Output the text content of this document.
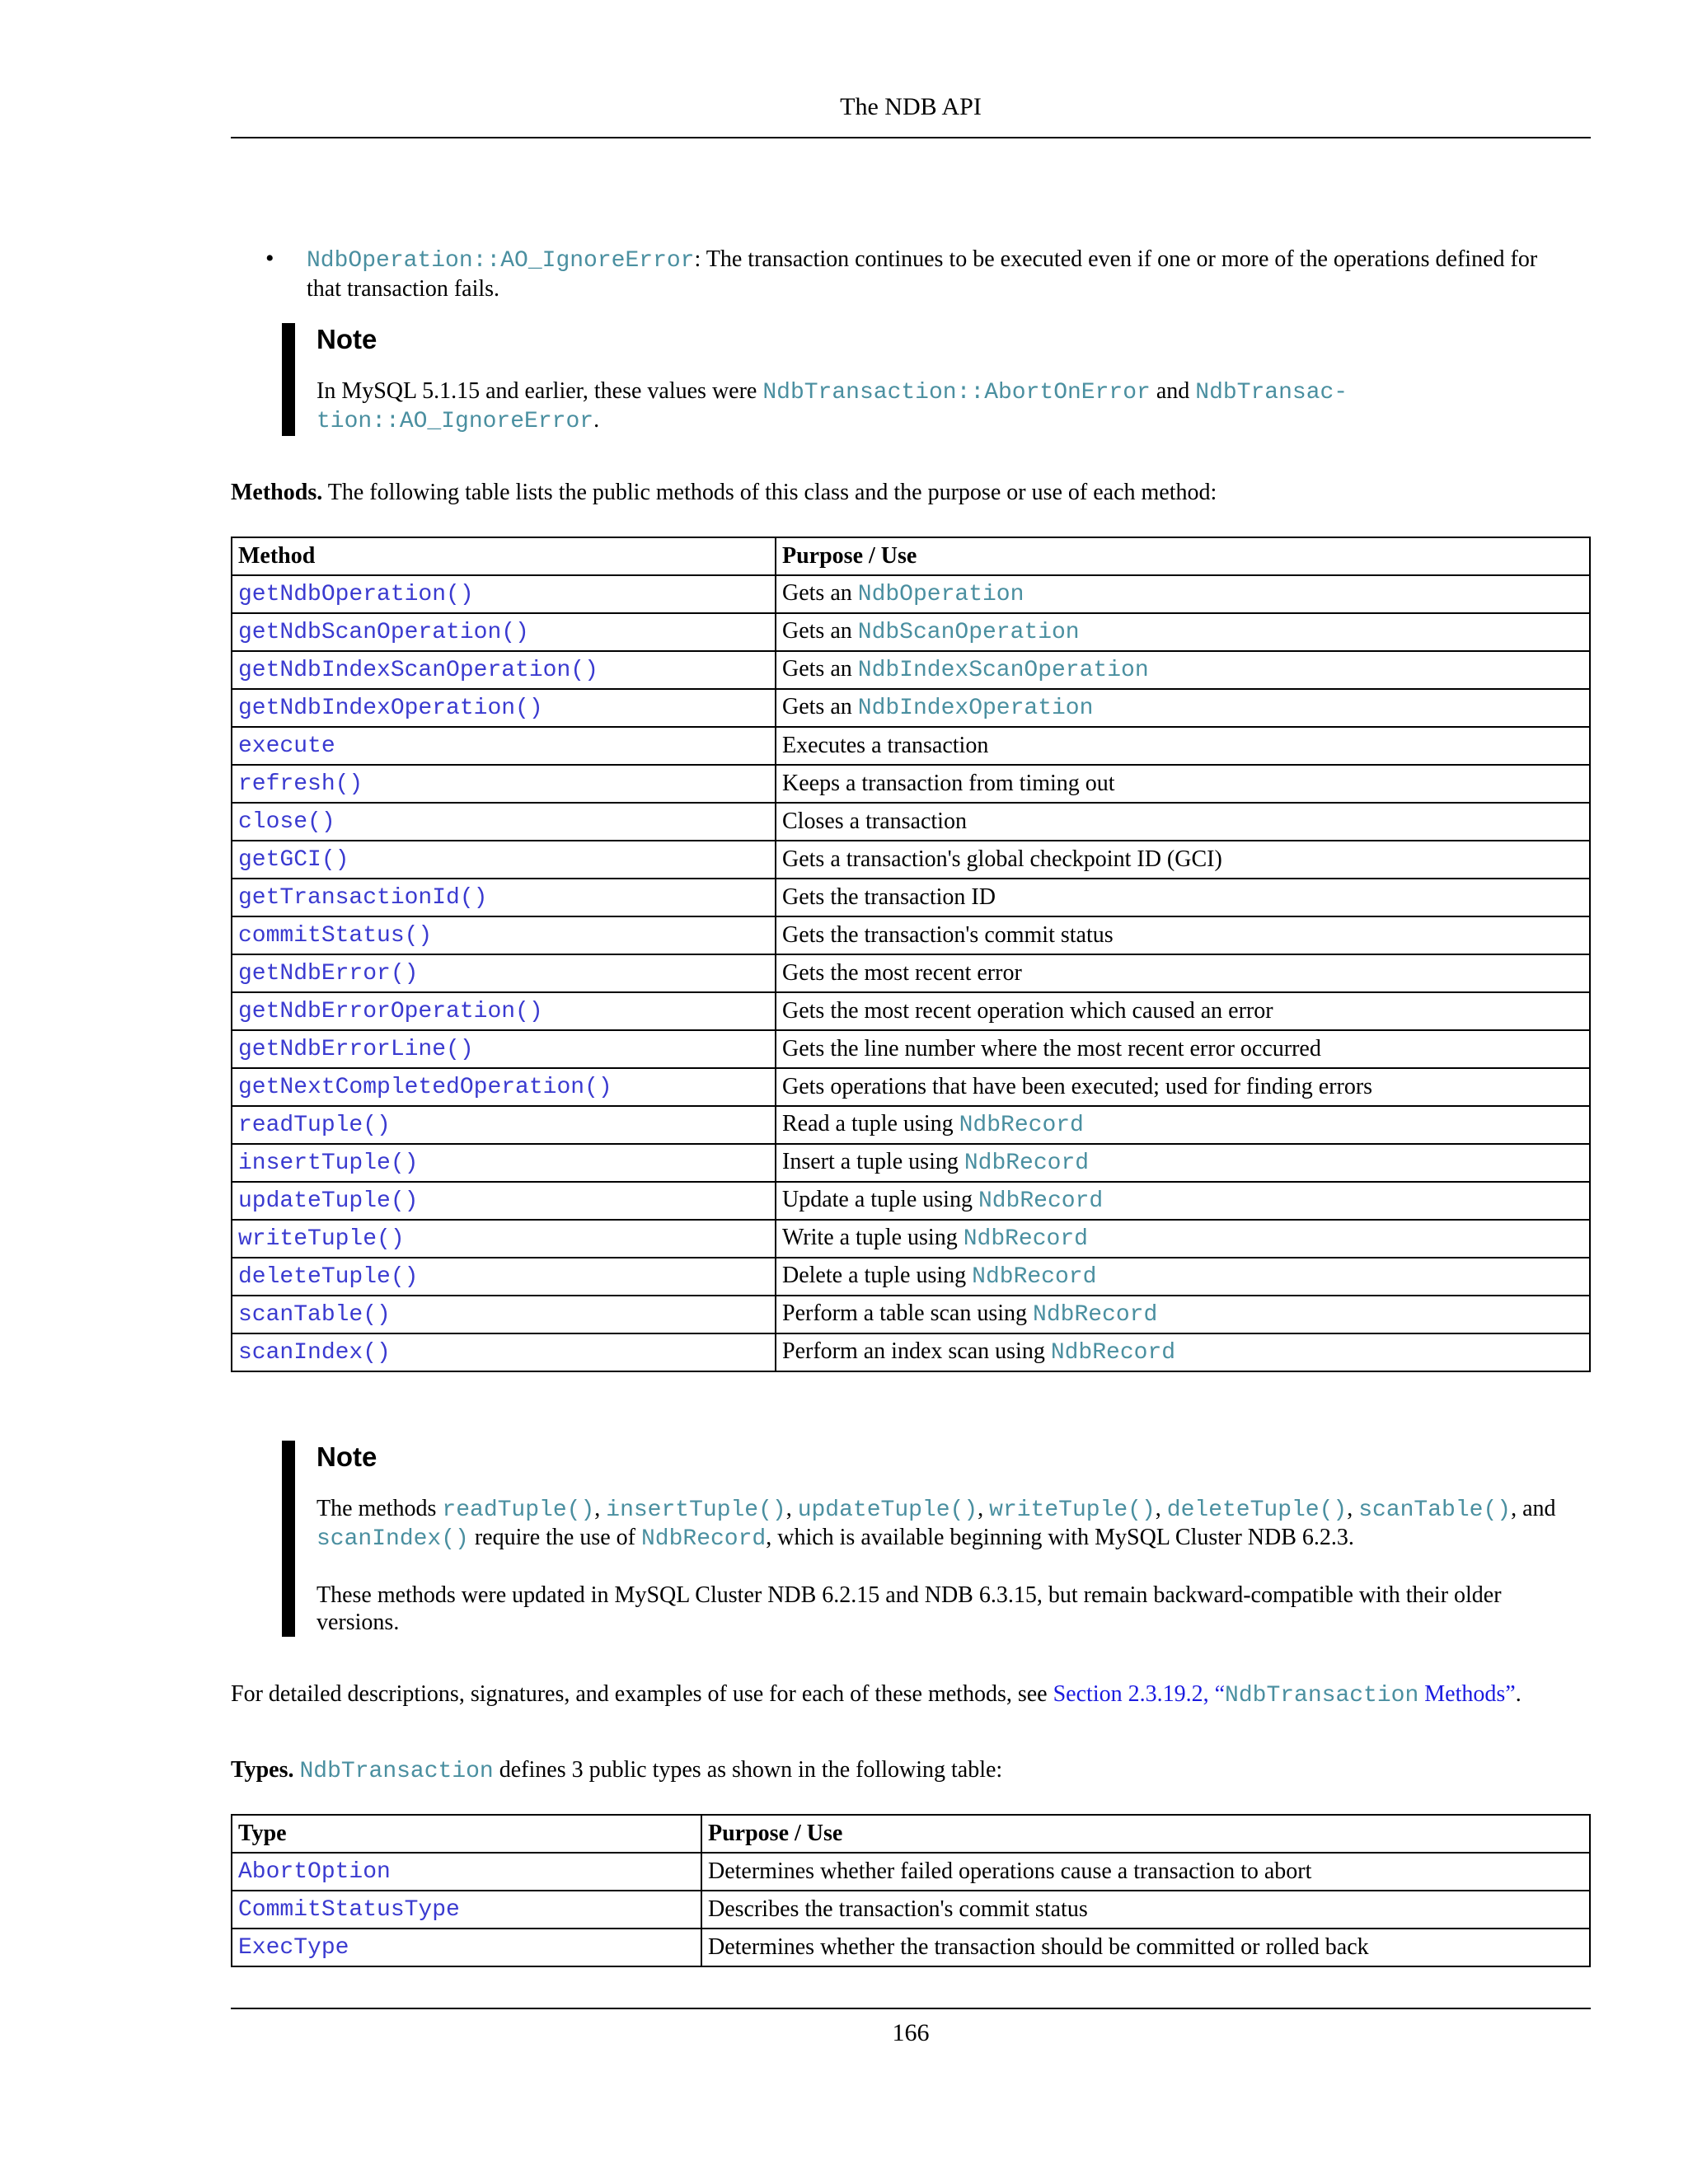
The NDB API
• NdbOperation::AO_IgnoreError: The transaction continues to be executed even if one or more of the operations defined for that transaction fails.
Note

In MySQL 5.1.15 and earlier, these values were NdbTransaction::AbortOnError and NdbTransaction::AO_IgnoreError.

Methods. The following table lists the public methods of this class and the purpose or use of each method:
Method	Purpose / Use
getNdbOperation()	Gets an NdbOperation
getNdbScanOperation()	Gets an NdbScanOperation
getNdbIndexScanOperation()	Gets an NdbIndexScanOperation
getNdbIndexOperation()	Gets an NdbIndexOperation
execute	Executes a transaction
refresh()	Keeps a transaction from timing out
close()	Closes a transaction
getGCI()	Gets a transaction's global checkpoint ID (GCI)
getTransactionId()	Gets the transaction ID
commitStatus()	Gets the transaction's commit status
getNdbError()	Gets the most recent error
getNdbErrorOperation()	Gets the most recent operation which caused an error
getNdbErrorLine()	Gets the line number where the most recent error occurred
getNextCompletedOperation()	Gets operations that have been executed; used for finding errors
readTuple()	Read a tuple using NdbRecord
insertTuple()	Insert a tuple using NdbRecord
updateTuple()	Update a tuple using NdbRecord
writeTuple()	Write a tuple using NdbRecord
deleteTuple()	Delete a tuple using NdbRecord
scanTable()	Perform a table scan using NdbRecord
scanIndex()	Perform an index scan using NdbRecord
Note

The methods readTuple(), insertTuple(), updateTuple(), writeTuple(), deleteTuple(), scanTable(), and scanIndex() require the use of NdbRecord, which is available beginning with MySQL Cluster NDB 6.2.3.

These methods were updated in MySQL Cluster NDB 6.2.15 and NDB 6.3.15, but remain backward-compatible with their older versions.

For detailed descriptions, signatures, and examples of use for each of these methods, see Section 2.3.19.2, “NdbTransaction Methods”.
Types. NdbTransaction defines 3 public types as shown in the following table:
Type	Purpose / Use
AbortOption	Determines whether failed operations cause a transaction to abort
CommitStatusType	Describes the transaction's commit status
ExecType	Determines whether the transaction should be committed or rolled back
166
